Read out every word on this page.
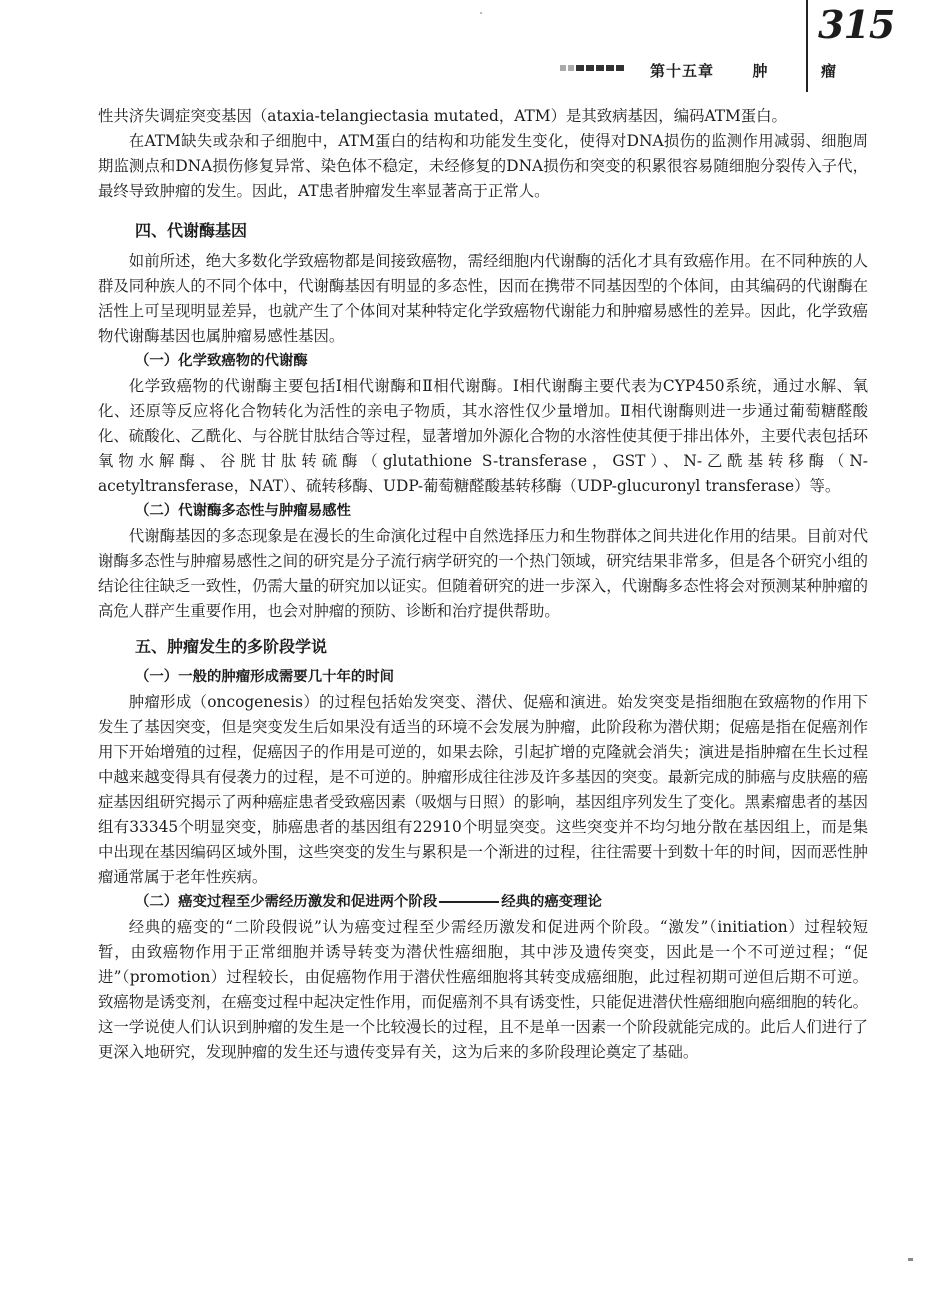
第十五章	肿	瘤
315

性共济失调症突变基因（ataxia-telangiectasia mutated，ATM）是其致病基因，编码ATM蛋白。

在ATM缺失或杂和子细胞中，ATM蛋白的结构和功能发生变化，使得对DNA损伤的监测作用减弱、细胞周期监测点和DNA损伤修复异常、染色体不稳定，未经修复的DNA损伤和突变的积累很容易随细胞分裂传入子代，最终导致肿瘤的发生。因此，AT患者肿瘤发生率显著高于正常人。

四、代谢酶基因

如前所述，绝大多数化学致癌物都是间接致癌物，需经细胞内代谢酶的活化才具有致癌作用。在不同种族的人群及同种族人的不同个体中，代谢酶基因有明显的多态性，因而在携带不同基因型的个体间，由其编码的代谢酶在活性上可呈现明显差异，也就产生了个体间对某种特定化学致癌物代谢能力和肿瘤易感性的差异。因此，化学致癌物代谢酶基因也属肿瘤易感性基因。

（一）化学致癌物的代谢酶

化学致癌物的代谢酶主要包括Ⅰ相代谢酶和Ⅱ相代谢酶。Ⅰ相代谢酶主要代表为CYP450系统，通过水解、氧化、还原等反应将化合物转化为活性的亲电子物质，其水溶性仅少量增加。Ⅱ相代谢酶则进一步通过葡萄糖醛酸化、硫酸化、乙酰化、与谷胱甘肽结合等过程，显著增加外源化合物的水溶性使其便于排出体外，主要代表包括环氧物水解酶、谷胱甘肽转硫酶（glutathione S-transferase，GST）、N-乙酰基转移酶（N-acetyltransferase，NAT）、硫转移酶、UDP-葡萄糖醛酸基转移酶（UDP-glucuronyl transferase）等。

（二）代谢酶多态性与肿瘤易感性

代谢酶基因的多态现象是在漫长的生命演化过程中自然选择压力和生物群体之间共进化作用的结果。目前对代谢酶多态性与肿瘤易感性之间的研究是分子流行病学研究的一个热门领域，研究结果非常多，但是各个研究小组的结论往往缺乏一致性，仍需大量的研究加以证实。但随着研究的进一步深入，代谢酶多态性将会对预测某种肿瘤的高危人群产生重要作用，也会对肿瘤的预防、诊断和治疗提供帮助。

五、肿瘤发生的多阶段学说

（一）一般的肿瘤形成需要几十年的时间

肿瘤形成（oncogenesis）的过程包括始发突变、潜伏、促癌和演进。始发突变是指细胞在致癌物的作用下发生了基因突变，但是突变发生后如果没有适当的环境不会发展为肿瘤，此阶段称为潜伏期；促癌是指在促癌剂作用下开始增殖的过程，促癌因子的作用是可逆的，如果去除，引起扩增的克隆就会消失；演进是指肿瘤在生长过程中越来越变得具有侵袭力的过程，是不可逆的。肿瘤形成往往涉及许多基因的突变。最新完成的肺癌与皮肤癌的癌症基因组研究揭示了两种癌症患者受致癌因素（吸烟与日照）的影响，基因组序列发生了变化。黑素瘤患者的基因组有33345个明显突变，肺癌患者的基因组有22910个明显突变。这些突变并不均匀地分散在基因组上，而是集中出现在基因编码区域外围，这些突变的发生与累积是一个渐进的过程，往往需要十到数十年的时间，因而恶性肿瘤通常属于老年性疾病。

（二）癌变过程至少需经历激发和促进两个阶段	经典的癌变理论

经典的癌变的“二阶段假说”认为癌变过程至少需经历激发和促进两个阶段。“激发”（initiation）过程较短暂，由致癌物作用于正常细胞并诱导转变为潜伏性癌细胞，其中涉及遗传突变，因此是一个不可逆过程；“促进”（promotion）过程较长，由促癌物作用于潜伏性癌细胞将其转变成癌细胞，此过程初期可逆但后期不可逆。致癌物是诱变剂，在癌变过程中起决定性作用，而促癌剂不具有诱变性，只能促进潜伏性癌细胞向癌细胞的转化。这一学说使人们认识到肿瘤的发生是一个比较漫长的过程，且不是单一因素一个阶段就能完成的。此后人们进行了更深入地研究，发现肿瘤的发生还与遗传变异有关，这为后来的多阶段理论奠定了基础。
